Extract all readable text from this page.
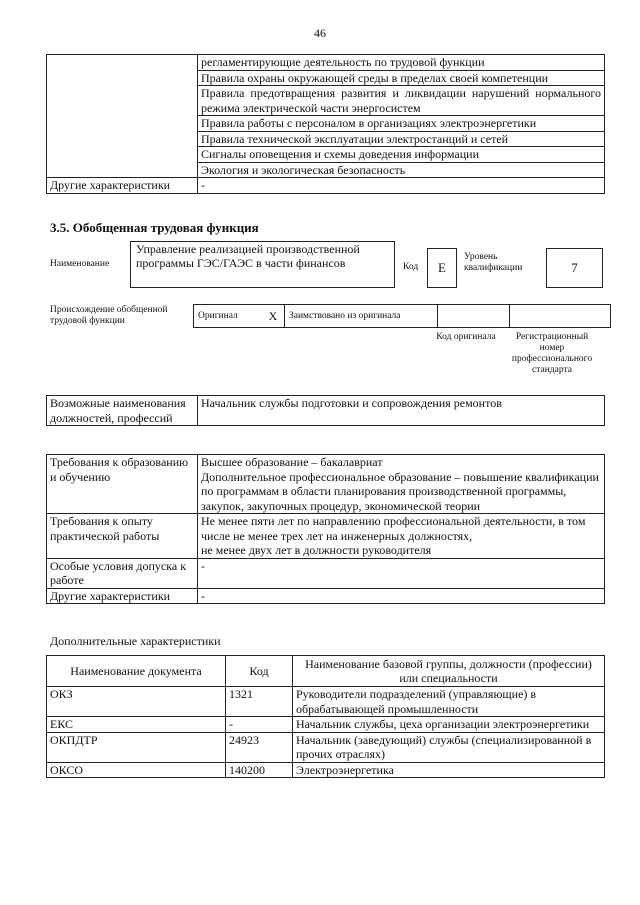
46
	регламентирующие деятельность по трудовой функции
	Правила охраны окружающей среды в пределах своей компетенции
	Правила предотвращения развития и ликвидации нарушений нормального режима электрической части энергосистем
	Правила работы с персоналом в организациях электроэнергетики
	Правила технической эксплуатации электростанций и сетей
	Сигналы оповещения и схемы доведения информации
	Экология и экологическая безопасность
Другие характеристики	-
3.5. Обобщенная трудовая функция
Наименование
Управление реализацией производственной программы ГЭС/ГАЭС в части финансов	Код	E
Уровень квалификации	7
Происхождение обобщенной трудовой функции	Оригинал	X	Заимствовано из оригинала		
Код оригинала	Регистрационный номер профессионального стандарта
Возможные наименования должностей, профессий	Начальник службы подготовки и сопровождения ремонтов
Требования к образованию и обучению	Высшее образование – бакалавриат
Дополнительное профессиональное образование – повышение квалификации по программам в области планирования производственной программы, закупок, закупочных процедур, экономической теории
Требования к опыту практической работы	Не менее пяти лет по направлению профессиональной деятельности, в том числе не менее трех лет на инженерных должностях,
не менее двух лет в должности руководителя
Особые условия допуска к работе	-
Другие характеристики	-
Дополнительные характеристики
Наименование документа	Код	Наименование базовой группы, должности (профессии) или специальности
ОКЗ	1321	Руководители подразделений (управляющие) в обрабатывающей промышленности
ЕКС	-	Начальник службы, цеха организации электроэнергетики
ОКПДТР	24923	Начальник (заведующий) службы (специализированной в прочих отраслях)
ОКСО	140200	Электроэнергетика
